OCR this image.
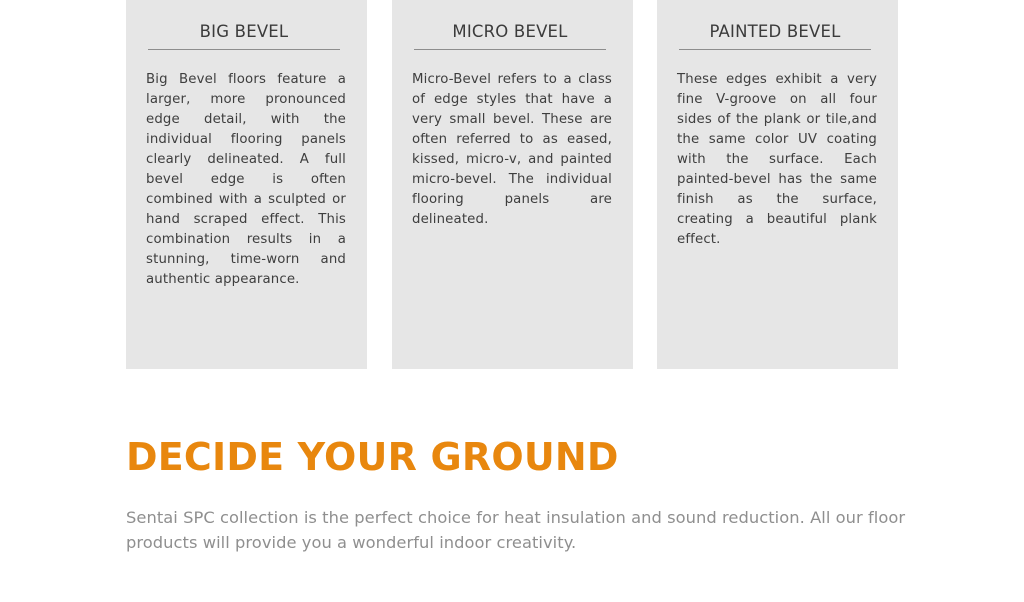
BIG BEVEL
Big Bevel floors feature a larger, more pronounced edge detail, with the individual flooring panels clearly delineated. A full bevel edge is often combined with a sculpted or hand scraped effect. This combination results in a stunning, time-worn and authentic appearance.
MICRO BEVEL
Micro-Bevel refers to a class of edge styles that have a very small bevel. These are often referred to as eased, kissed, micro-v, and painted micro-bevel. The individual flooring panels are delineated.
PAINTED BEVEL
These edges exhibit a very fine V-groove on all four sides of the plank or tile,and the same color UV coating with the surface. Each painted-bevel has the same finish as the surface, creating a beautiful plank effect.
DECIDE YOUR GROUND

Sentai SPC collection is the perfect choice for heat insulation and sound reduction. All our floor products will provide you a wonderful indoor creativity.
